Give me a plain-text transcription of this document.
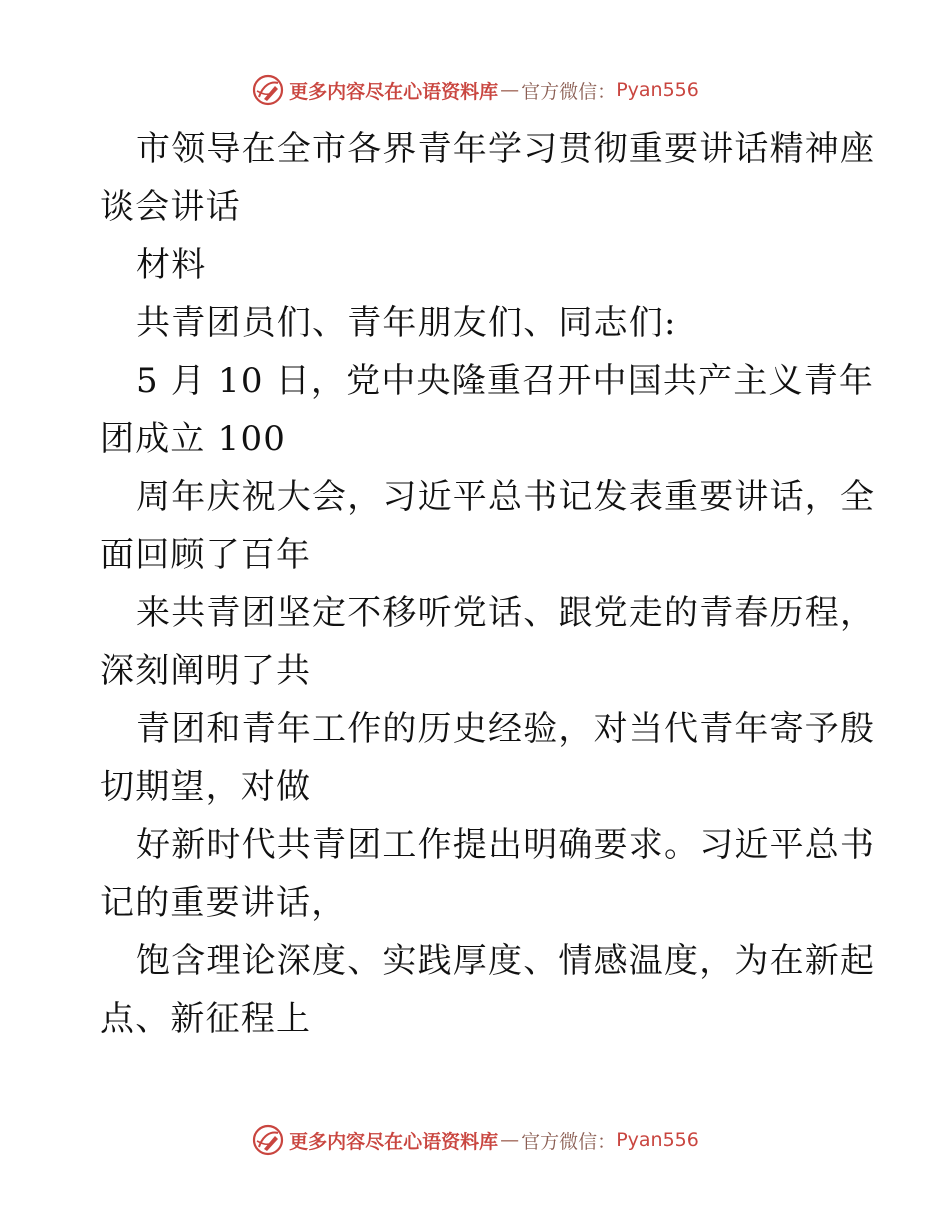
更多内容尽在心语资料库 — 官方微信： Pyan556
市领导在全市各界青年学习贯彻重要讲话精神座
谈会讲话
材料
共青团员们、青年朋友们、同志们:
5 月 10 日，党中央隆重召开中国共产主义青年
团成立 100
周年庆祝大会，习近平总书记发表重要讲话，全
面回顾了百年
来共青团坚定不移听党话、跟党走的青春历程，
深刻阐明了共
青团和青年工作的历史经验，对当代青年寄予殷
切期望，对做
好新时代共青团工作提出明确要求。习近平总书
记的重要讲话，
饱含理论深度、实践厚度、情感温度，为在新起
点、新征程上
更多内容尽在心语资料库 — 官方微信： Pyan556
